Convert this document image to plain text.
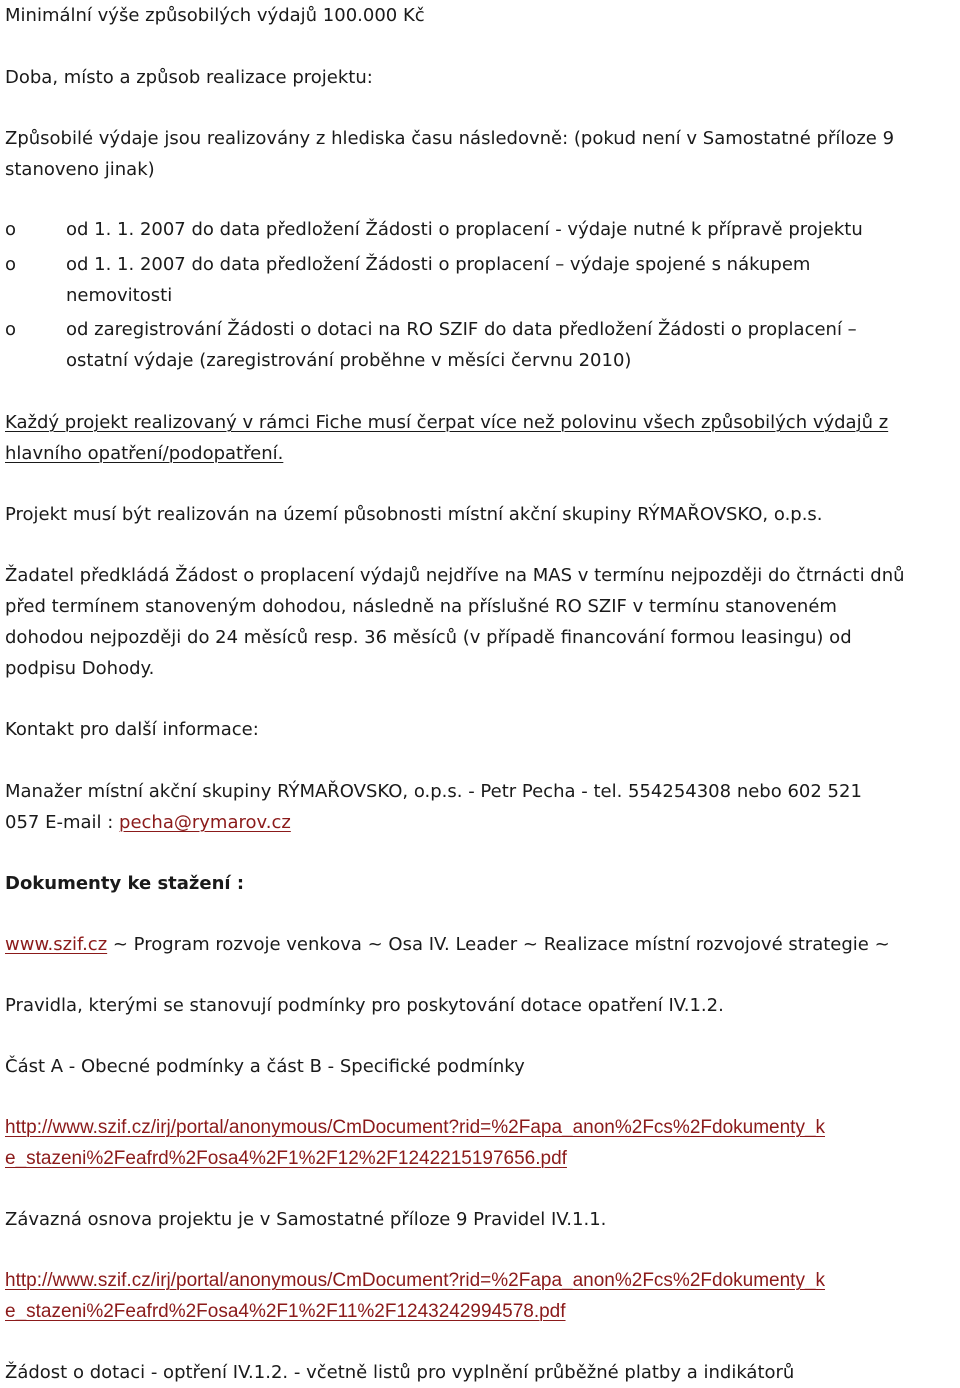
Minimální výše způsobilých výdajů 100.000 Kč

Doba, místo a způsob realizace projektu:

Způsobilé výdaje jsou realizovány z hlediska času následovně: (pokud není v Samostatné příloze 9

stanoveno jinak)

o	od 1. 1. 2007 do data předložení Žádosti o proplacení - výdaje nutné k přípravě projektu
o	od 1. 1. 2007 do data předložení Žádosti o proplacení – výdaje spojené s nákupem
nemovitosti
o	od zaregistrování Žádosti o dotaci na RO SZIF do data předložení Žádosti o proplacení –
ostatní výdaje (zaregistrování proběhne v měsíci červnu 2010)

Každý projekt realizovaný v rámci Fiche musí čerpat více než polovinu všech způsobilých výdajů z

hlavního opatření/podopatření.

Projekt musí být realizován na území působnosti místní akční skupiny RÝMAŘOVSKO, o.p.s.

Žadatel předkládá Žádost o proplacení výdajů nejdříve na MAS v termínu nejpozději do čtrnácti dnů

před termínem stanoveným dohodou, následně na příslušné RO SZIF v termínu stanoveném

dohodou nejpozději do 24 měsíců resp. 36 měsíců (v případě financování formou leasingu) od

podpisu Dohody.

Kontakt pro další informace:

Manažer místní akční skupiny RÝMAŘOVSKO, o.p.s. - Petr Pecha - tel. 554254308 nebo 602 521

057 E-mail : pecha@rymarov.cz

Dokumenty ke stažení :

www.szif.cz ~ Program rozvoje venkova ~ Osa IV. Leader ~ Realizace místní rozvojové strategie ~

Pravidla, kterými se stanovují podmínky pro poskytování dotace opatření IV.1.2.

Část A - Obecné podmínky a část B - Specifické podmínky

http://www.szif.cz/irj/portal/anonymous/CmDocument?rid=%2Fapa_anon%2Fcs%2Fdokumenty_k
e_stazeni%2Feafrd%2Fosa4%2F1%2F12%2F1242215197656.pdf

Závazná osnova projektu je v Samostatné příloze 9 Pravidel IV.1.1.

http://www.szif.cz/irj/portal/anonymous/CmDocument?rid=%2Fapa_anon%2Fcs%2Fdokumenty_k
e_stazeni%2Feafrd%2Fosa4%2F1%2F11%2F1243242994578.pdf

Žádost o dotaci - optření IV.1.2. - včetně listů pro vyplnění průběžné platby a indikátorů
